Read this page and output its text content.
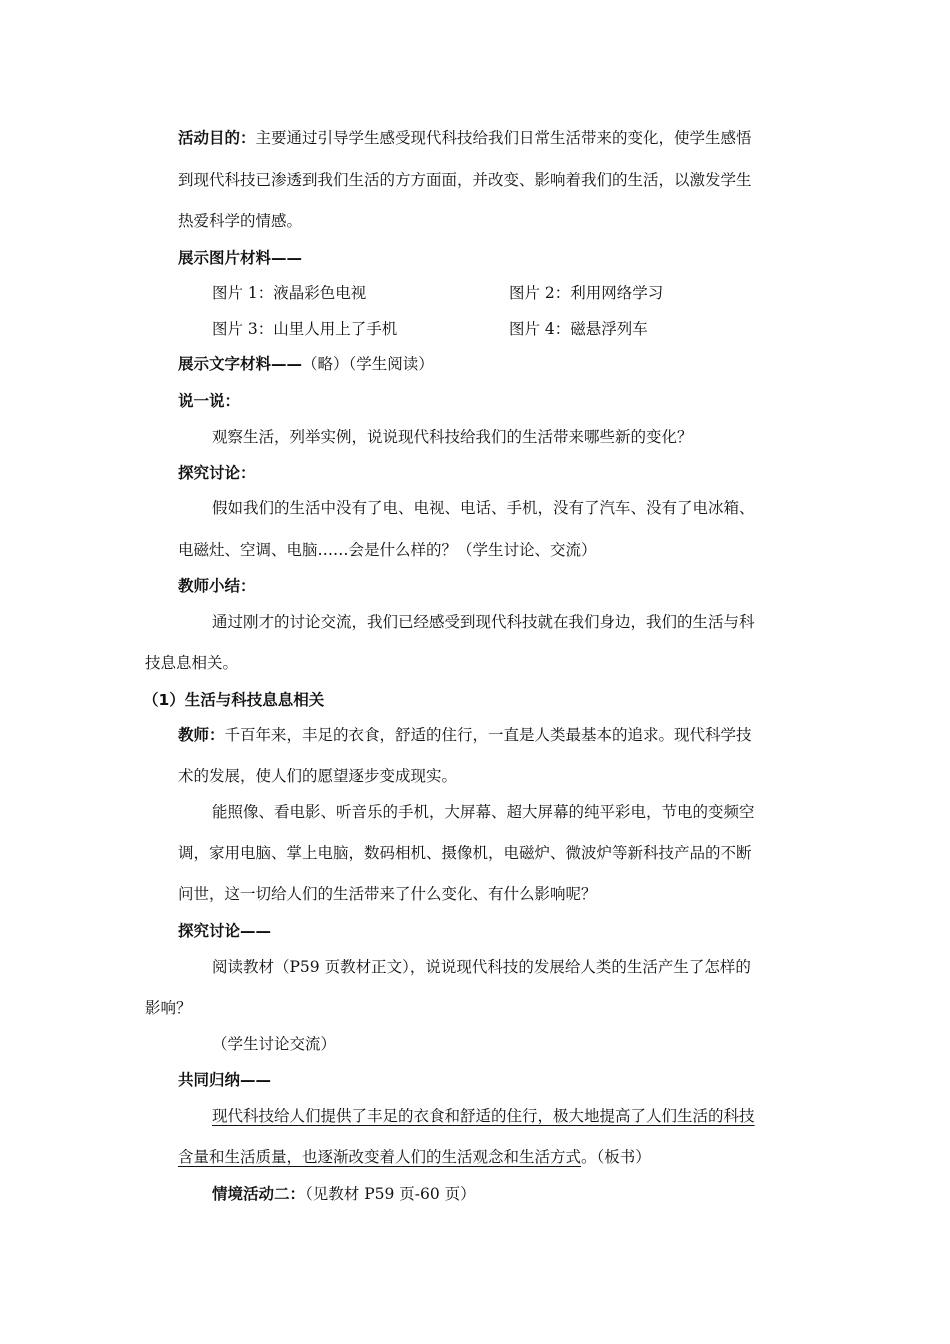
活动目的：主要通过引导学生感受现代科技给我们日常生活带来的变化，使学生感悟
到现代科技已渗透到我们生活的方方面面，并改变、影响着我们的生活，以激发学生
热爱科学的情感。
展示图片材料——
图片 1：液晶彩色电视	图片 2：利用网络学习
图片 3：山里人用上了手机	图片 4：磁悬浮列车
展示文字材料——（略）（学生阅读）
说一说：
观察生活，列举实例，说说现代科技给我们的生活带来哪些新的变化？
探究讨论：
假如我们的生活中没有了电、电视、电话、手机，没有了汽车、没有了电冰箱、
电磁灶、空调、电脑……会是什么样的？（学生讨论、交流）
教师小结：
通过刚才的讨论交流，我们已经感受到现代科技就在我们身边，我们的生活与科
技息息相关。
（1）生活与科技息息相关
教师：千百年来，丰足的衣食，舒适的住行，一直是人类最基本的追求。现代科学技
术的发展，使人们的愿望逐步变成现实。
能照像、看电影、听音乐的手机，大屏幕、超大屏幕的纯平彩电，节电的变频空
调，家用电脑、掌上电脑，数码相机、摄像机，电磁炉、微波炉等新科技产品的不断
问世，这一切给人们的生活带来了什么变化、有什么影响呢？
探究讨论——
阅读教材（P59 页教材正文），说说现代科技的发展给人类的生活产生了怎样的
影响？
（学生讨论交流）
共同归纳——
现代科技给人们提供了丰足的衣食和舒适的住行，极大地提高了人们生活的科技
含量和生活质量，也逐渐改变着人们的生活观念和生活方式。（板书）
情境活动二：（见教材 P59 页-60 页）
